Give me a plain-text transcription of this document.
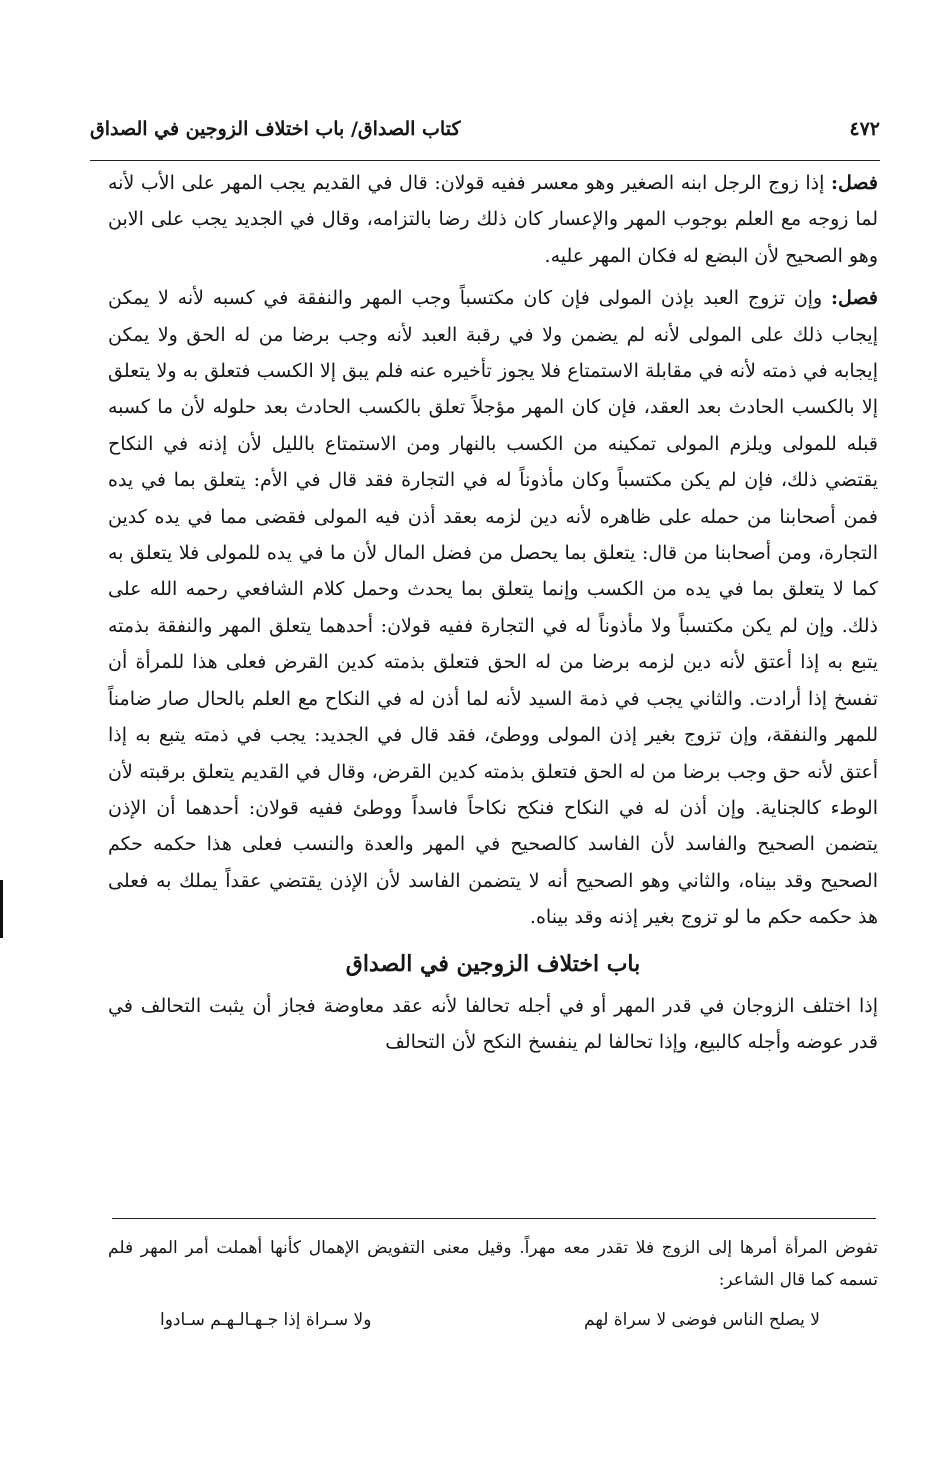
٤٧٢
كتاب الصداق/ باب اختلاف الزوجين في الصداق

فصل: إذا زوج الرجل ابنه الصغير وهو معسر ففيه قولان: قال في القديم يجب المهر على الأب لأنه لما زوجه مع العلم بوجوب المهر والإعسار كان ذلك رضا بالتزامه، وقال في الجديد يجب على الابن وهو الصحيح لأن البضع له فكان المهر عليه.

فصل: وإن تزوج العبد بإذن المولى فإن كان مكتسباً وجب المهر والنفقة في كسبه لأنه لا يمكن إيجاب ذلك على المولى لأنه لم يضمن ولا في رقبة العبد لأنه وجب برضا من له الحق ولا يمكن إيجابه في ذمته لأنه في مقابلة الاستمتاع فلا يجوز تأخيره عنه فلم يبق إلا الكسب فتعلق به ولا يتعلق إلا بالكسب الحادث بعد العقد، فإن كان المهر مؤجلاً تعلق بالكسب الحادث بعد حلوله لأن ما كسبه قبله للمولى ويلزم المولى تمكينه من الكسب بالنهار ومن الاستمتاع بالليل لأن إذنه في النكاح يقتضي ذلك، فإن لم يكن مكتسباً وكان مأذوناً له في التجارة فقد قال في الأم: يتعلق بما في يده فمن أصحابنا من حمله على ظاهره لأنه دين لزمه بعقد أذن فيه المولى فقضى مما في يده كدين التجارة، ومن أصحابنا من قال: يتعلق بما يحصل من فضل المال لأن ما في يده للمولى فلا يتعلق به كما لا يتعلق بما في يده من الكسب وإنما يتعلق بما يحدث وحمل كلام الشافعي رحمه الله على ذلك. وإن لم يكن مكتسباً ولا مأذوناً له في التجارة ففيه قولان: أحدهما يتعلق المهر والنفقة بذمته يتبع به إذا أعتق لأنه دين لزمه برضا من له الحق فتعلق بذمته كدين القرض فعلى هذا للمرأة أن تفسخ إذا أرادت. والثاني يجب في ذمة السيد لأنه لما أذن له في النكاح مع العلم بالحال صار ضامناً للمهر والنفقة، وإن تزوج بغير إذن المولى ووطئ، فقد قال في الجديد: يجب في ذمته يتبع به إذا أعتق لأنه حق وجب برضا من له الحق فتعلق بذمته كدين القرض، وقال في القديم يتعلق برقبته لأن الوطء كالجناية. وإن أذن له في النكاح فنكح نكاحاً فاسداً ووطئ ففيه قولان: أحدهما أن الإذن يتضمن الصحيح والفاسد لأن الفاسد كالصحيح في المهر والعدة والنسب فعلى هذا حكمه حكم الصحيح وقد بيناه، والثاني وهو الصحيح أنه لا يتضمن الفاسد لأن الإذن يقتضي عقداً يملك به فعلى هذ حكمه حكم ما لو تزوج بغير إذنه وقد بيناه.

باب اختلاف الزوجين في الصداق

إذا اختلف الزوجان في قدر المهر أو في أجله تحالفا لأنه عقد معاوضة فجاز أن يثبت التحالف في قدر عوضه وأجله كالبيع، وإذا تحالفا لم ينفسخ النكح لأن التحالف

تفوض المرأة أمرها إلى الزوج فلا تقدر معه مهراً. وقيل معنى التفويض الإهمال كأنها أهملت أمر المهر فلم تسمه كما قال الشاعر:

لا يصلح الناس فوضى لا سراة لهم
ولا سـراة إذا جـهـالـهـم سـادوا
